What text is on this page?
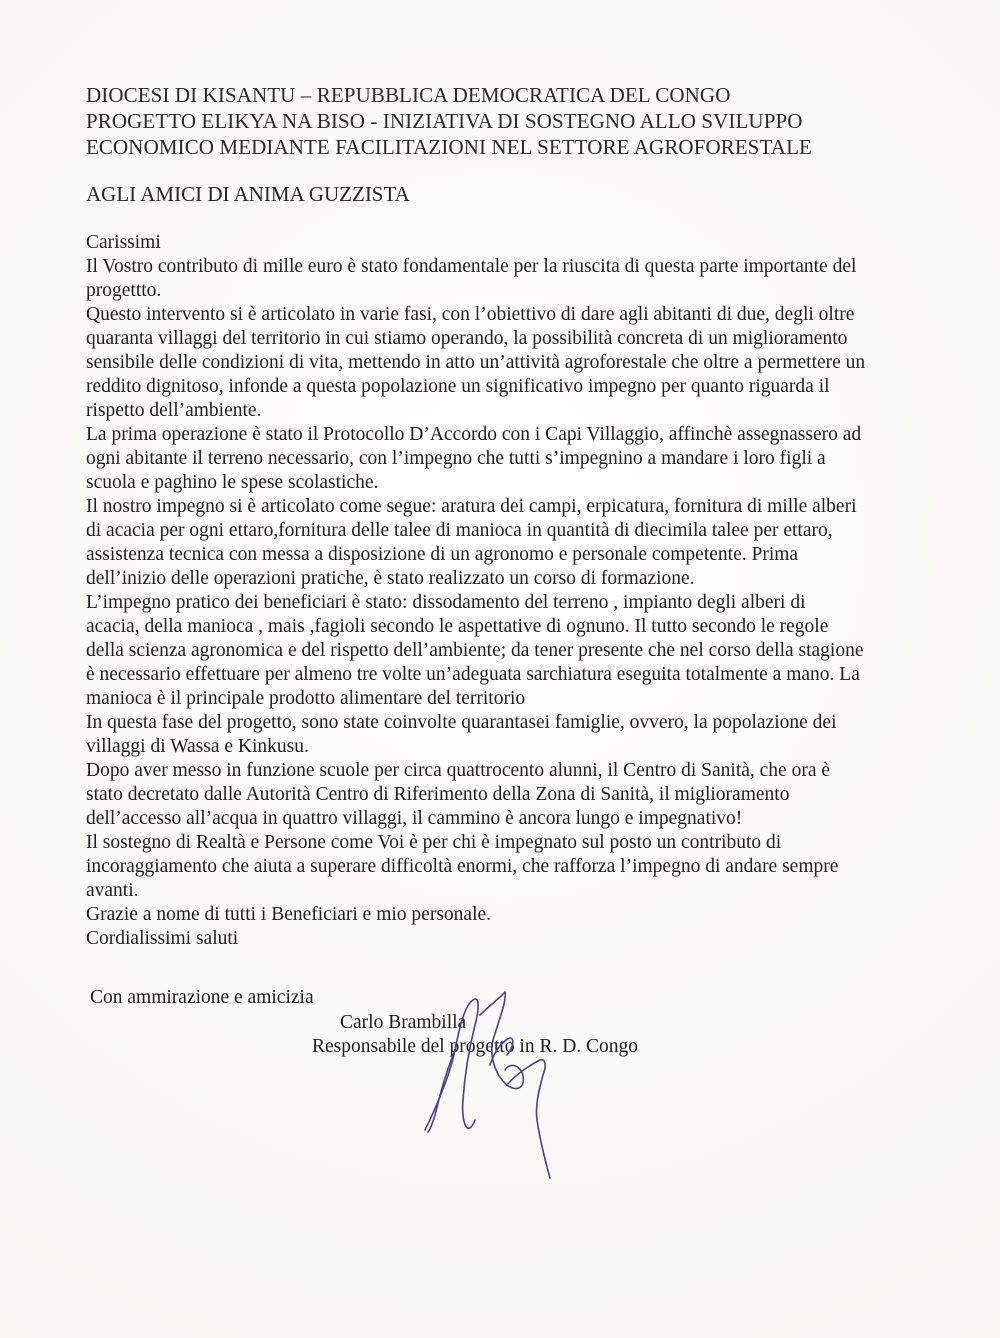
DIOCESI DI KISANTU – REPUBBLICA DEMOCRATICA DEL CONGO
PROGETTO ELIKYA NA BISO - INIZIATIVA DI SOSTEGNO ALLO SVILUPPO
ECONOMICO MEDIANTE FACILITAZIONI NEL SETTORE AGROFORESTALE
AGLI AMICI DI ANIMA GUZZISTA
Carissimi
Il Vostro contributo di mille euro è stato fondamentale per la riuscita di questa parte importante del
progettto.
Questo intervento si è articolato in varie fasi, con l’obiettivo di dare agli abitanti di due, degli oltre
quaranta villaggi del territorio in cui stiamo operando, la possibilità concreta di un miglioramento
sensibile delle condizioni di vita, mettendo in atto un’attività agroforestale che oltre a permettere un
reddito dignitoso, infonde a questa popolazione un significativo impegno per quanto riguarda il
rispetto dell’ambiente.
La prima operazione è stato il Protocollo D’Accordo con i Capi Villaggio, affinchè assegnassero ad
ogni abitante il terreno necessario, con l’impegno che tutti s’impegnino a mandare i loro figli a
scuola e paghino le spese scolastiche.
Il nostro impegno si è articolato come segue: aratura dei campi, erpicatura, fornitura di mille alberi
di acacia per ogni ettaro,fornitura delle talee di manioca in quantità di diecimila talee per ettaro,
assistenza tecnica con messa a disposizione di un agronomo e personale competente. Prima
dell’inizio delle operazioni pratiche, è stato realizzato un corso di formazione.
L’impegno pratico dei beneficiari è stato: dissodamento del terreno , impianto degli alberi di
acacia, della manioca , mais ,fagioli secondo le aspettative di ognuno. Il tutto secondo le regole
della scienza agronomica e del rispetto dell’ambiente; da tener presente che nel corso della stagione
è necessario effettuare per almeno tre volte un’adeguata sarchiatura eseguita totalmente a mano. La
manioca è il principale prodotto alimentare del territorio
In questa fase del progetto, sono state coinvolte quarantasei famiglie, ovvero, la popolazione dei
villaggi di Wassa e Kinkusu.
Dopo aver messo in funzione scuole per circa quattrocento alunni, il Centro di Sanità, che ora è
stato decretato dalle Autorità Centro di Riferimento della Zona di Sanità, il miglioramento
dell’accesso all’acqua in quattro villaggi, il cammino è ancora lungo e impegnativo!
Il sostegno di Realtà e Persone come Voi è per chi è impegnato sul posto un contributo di
incoraggiamento che aiuta a superare difficoltà enormi, che rafforza l’impegno di andare sempre
avanti.
Grazie a nome di tutti i Beneficiari e mio personale.
Cordialissimi saluti
Con ammirazione e amicizia
Carlo Brambilla
Responsabile del progetto in R. D. Congo
